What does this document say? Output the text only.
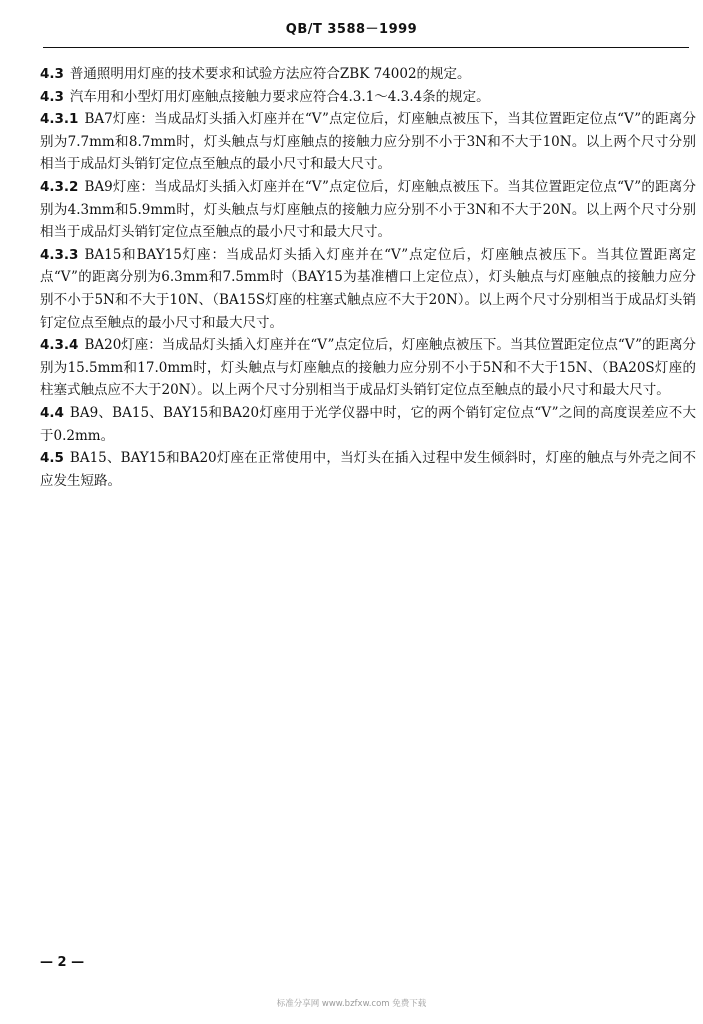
QB/T 3588－1999

4.3 普通照明用灯座的技术要求和试验方法应符合ZBK 74002的规定。

4.3 汽车用和小型灯用灯座触点接触力要求应符合4.3.1～4.3.4条的规定。

4.3.1 BA7灯座：当成品灯头插入灯座并在“V”点定位后，灯座触点被压下，当其位置距定位点“V”的距离分别为7.7mm和8.7mm时，灯头触点与灯座触点的接触力应分别不小于3N和不大于10N。以上两个尺寸分别相当于成品灯头销钉定位点至触点的最小尺寸和最大尺寸。

4.3.2 BA9灯座：当成品灯头插入灯座并在“V”点定位后，灯座触点被压下。当其位置距定位点“V”的距离分别为4.3mm和5.9mm时，灯头触点与灯座触点的接触力应分别不小于3N和不大于20N。以上两个尺寸分别相当于成品灯头销钉定位点至触点的最小尺寸和最大尺寸。

4.3.3 BA15和BAY15灯座：当成品灯头插入灯座并在“V”点定位后，灯座触点被压下。当其位置距离定点“V”的距离分别为6.3mm和7.5mm时（BAY15为基准槽口上定位点），灯头触点与灯座触点的接触力应分别不小于5N和不大于10N、（BA15S灯座的柱塞式触点应不大于20N）。以上两个尺寸分别相当于成品灯头销钉定位点至触点的最小尺寸和最大尺寸。

4.3.4 BA20灯座：当成品灯头插入灯座并在“V”点定位后，灯座触点被压下。当其位置距定位点“V”的距离分别为15.5mm和17.0mm时，灯头触点与灯座触点的接触力应分别不小于5N和不大于15N、（BA20S灯座的柱塞式触点应不大于20N）。以上两个尺寸分别相当于成品灯头销钉定位点至触点的最小尺寸和最大尺寸。

4.4 BA9、BA15、BAY15和BA20灯座用于光学仪器中时，它的两个销钉定位点“V”之间的高度误差应不大于0.2mm。

4.5 BA15、BAY15和BA20灯座在正常使用中，当灯头在插入过程中发生倾斜时，灯座的触点与外壳之间不应发生短路。

— 2 —
标准分享网 www.bzfxw.com 免费下载
